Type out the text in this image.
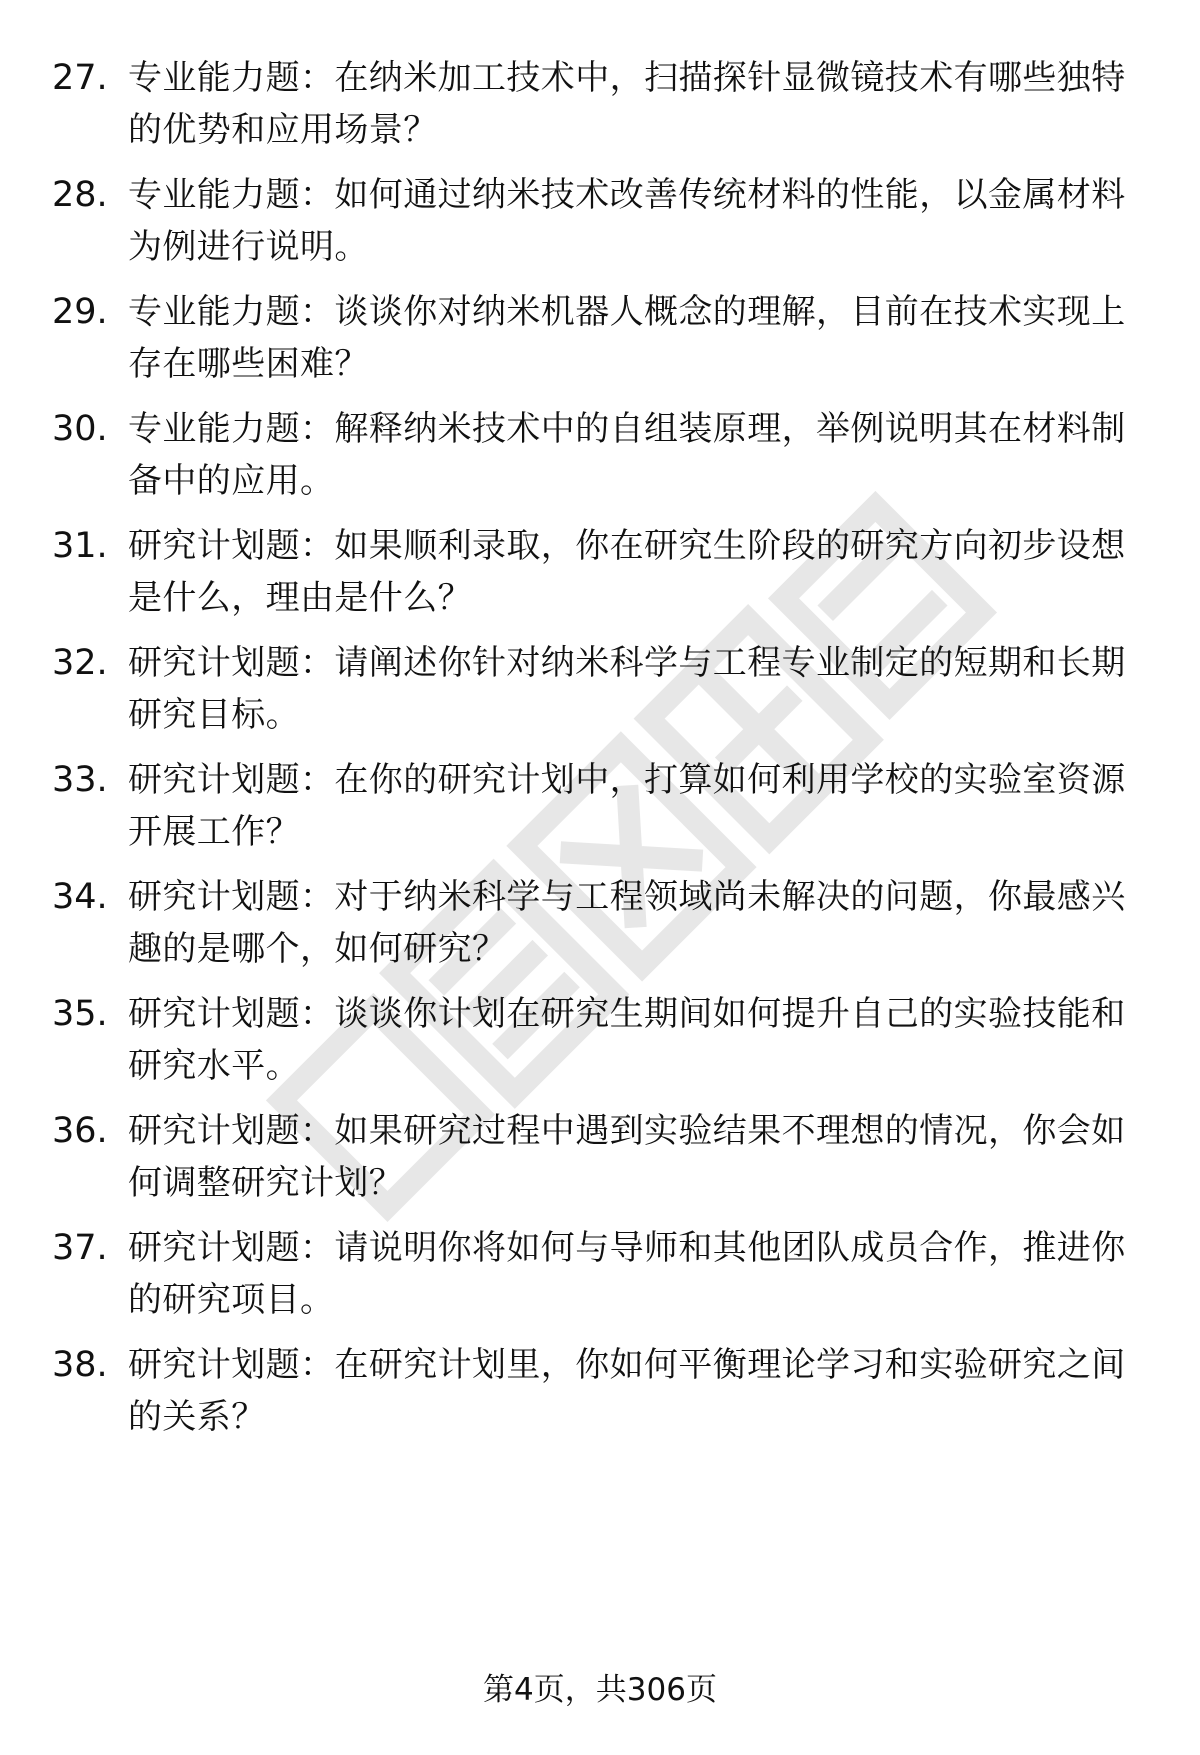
27. 专业能力题：在纳米加工技术中，扫描探针显微镜技术有哪些独特的优势和应用场景？
28. 专业能力题：如何通过纳米技术改善传统材料的性能，以金属材料为例进行说明。
29. 专业能力题：谈谈你对纳米机器人概念的理解，目前在技术实现上存在哪些困难？
30. 专业能力题：解释纳米技术中的自组装原理，举例说明其在材料制备中的应用。
31. 研究计划题：如果顺利录取，你在研究生阶段的研究方向初步设想是什么，理由是什么？
32. 研究计划题：请阐述你针对纳米科学与工程专业制定的短期和长期研究目标。
33. 研究计划题：在你的研究计划中，打算如何利用学校的实验室资源开展工作？
34. 研究计划题：对于纳米科学与工程领域尚未解决的问题，你最感兴趣的是哪个，如何研究？
35. 研究计划题：谈谈你计划在研究生期间如何提升自己的实验技能和研究水平。
36. 研究计划题：如果研究过程中遇到实验结果不理想的情况，你会如何调整研究计划？
37. 研究计划题：请说明你将如何与导师和其他团队成员合作，推进你的研究项目。
38. 研究计划题：在研究计划里，你如何平衡理论学习和实验研究之间的关系？
第4页，共306页
